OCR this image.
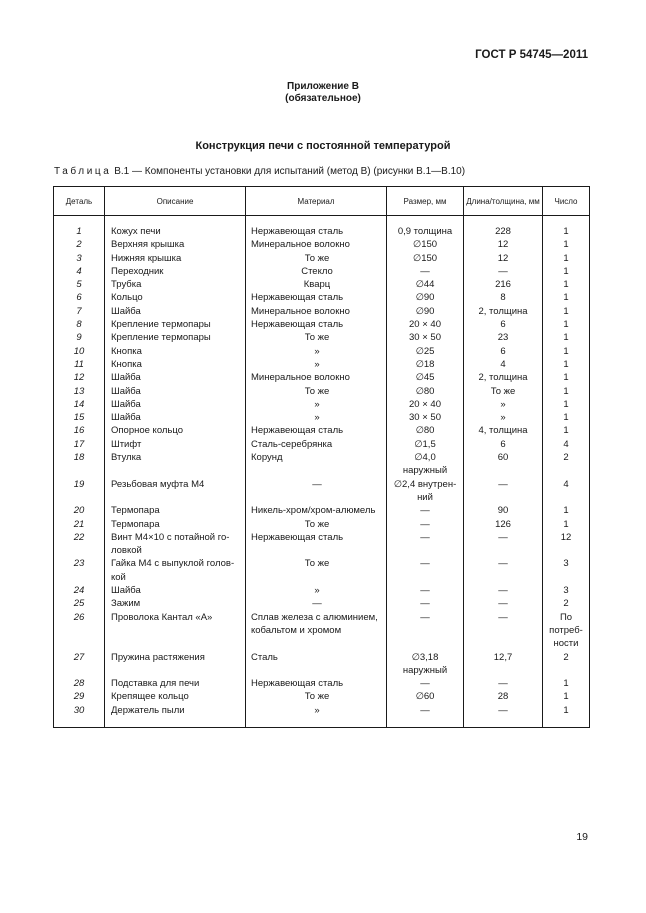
ГОСТ Р 54745—2011
Приложение В
(обязательное)
Конструкция печи с постоянной температурой
Таблица В.1 — Компоненты установки для испытаний (метод В) (рисунки В.1—В.10)
Деталь	Описание	Материал	Размер, мм	Длина/толщина, мм	Число

1	Кожух печи	Нержавеющая сталь	0,9 толщина	228	1
2	Верхняя крышка	Минеральное волокно	∅150	12	1
3	Нижняя крышка	То же	∅150	12	1
4	Переходник	Стекло	—	—	1
5	Трубка	Кварц	∅44	216	1
6	Кольцо	Нержавеющая сталь	∅90	8	1
7	Шайба	Минеральное волокно	∅90	2, толщина	1
8	Крепление термопары	Нержавеющая сталь	20 × 40	6	1
9	Крепление термопары	То же	30 × 50	23	1
10	Кнопка	»	∅25	6	1
11	Кнопка	»	∅18	4	1
12	Шайба	Минеральное волокно	∅45	2, толщина	1
13	Шайба	То же	∅80	То же	1
14	Шайба	»	20 × 40	»	1
15	Шайба	»	30 × 50	»	1
16	Опорное кольцо	Нержавеющая сталь	∅80	4, толщина	1
17	Штифт	Сталь-серебрянка	∅1,5	6	4
18	Втулка	Корунд	∅4,0	60	2
			наружный		
19	Резьбовая муфта М4	—	∅2,4 внутрен-	—	4
			ний		
20	Термопара	Никель-хром/хром-алюмель	—	90	1
21	Термопара	То же	—	126	1
22	Винт М4×10 с потайной го-	Нержавеющая сталь	—	—	12
	ловкой				
23	Гайка М4 с выпуклой голов-	То же	—	—	3
	кой				
24	Шайба	»	—	—	3
25	Зажим	—	—	—	2
26	Проволока Кантал «А»	Сплав железа с алюминием,	—	—	По
		кобальтом и хромом			потреб-
					ности
27	Пружина растяжения	Сталь	∅3,18	12,7	2
			наружный		
28	Подставка для печи	Нержавеющая сталь	—	—	1
29	Крепящее кольцо	То же	∅60	28	1
30	Держатель пыли	»	—	—	1

19
